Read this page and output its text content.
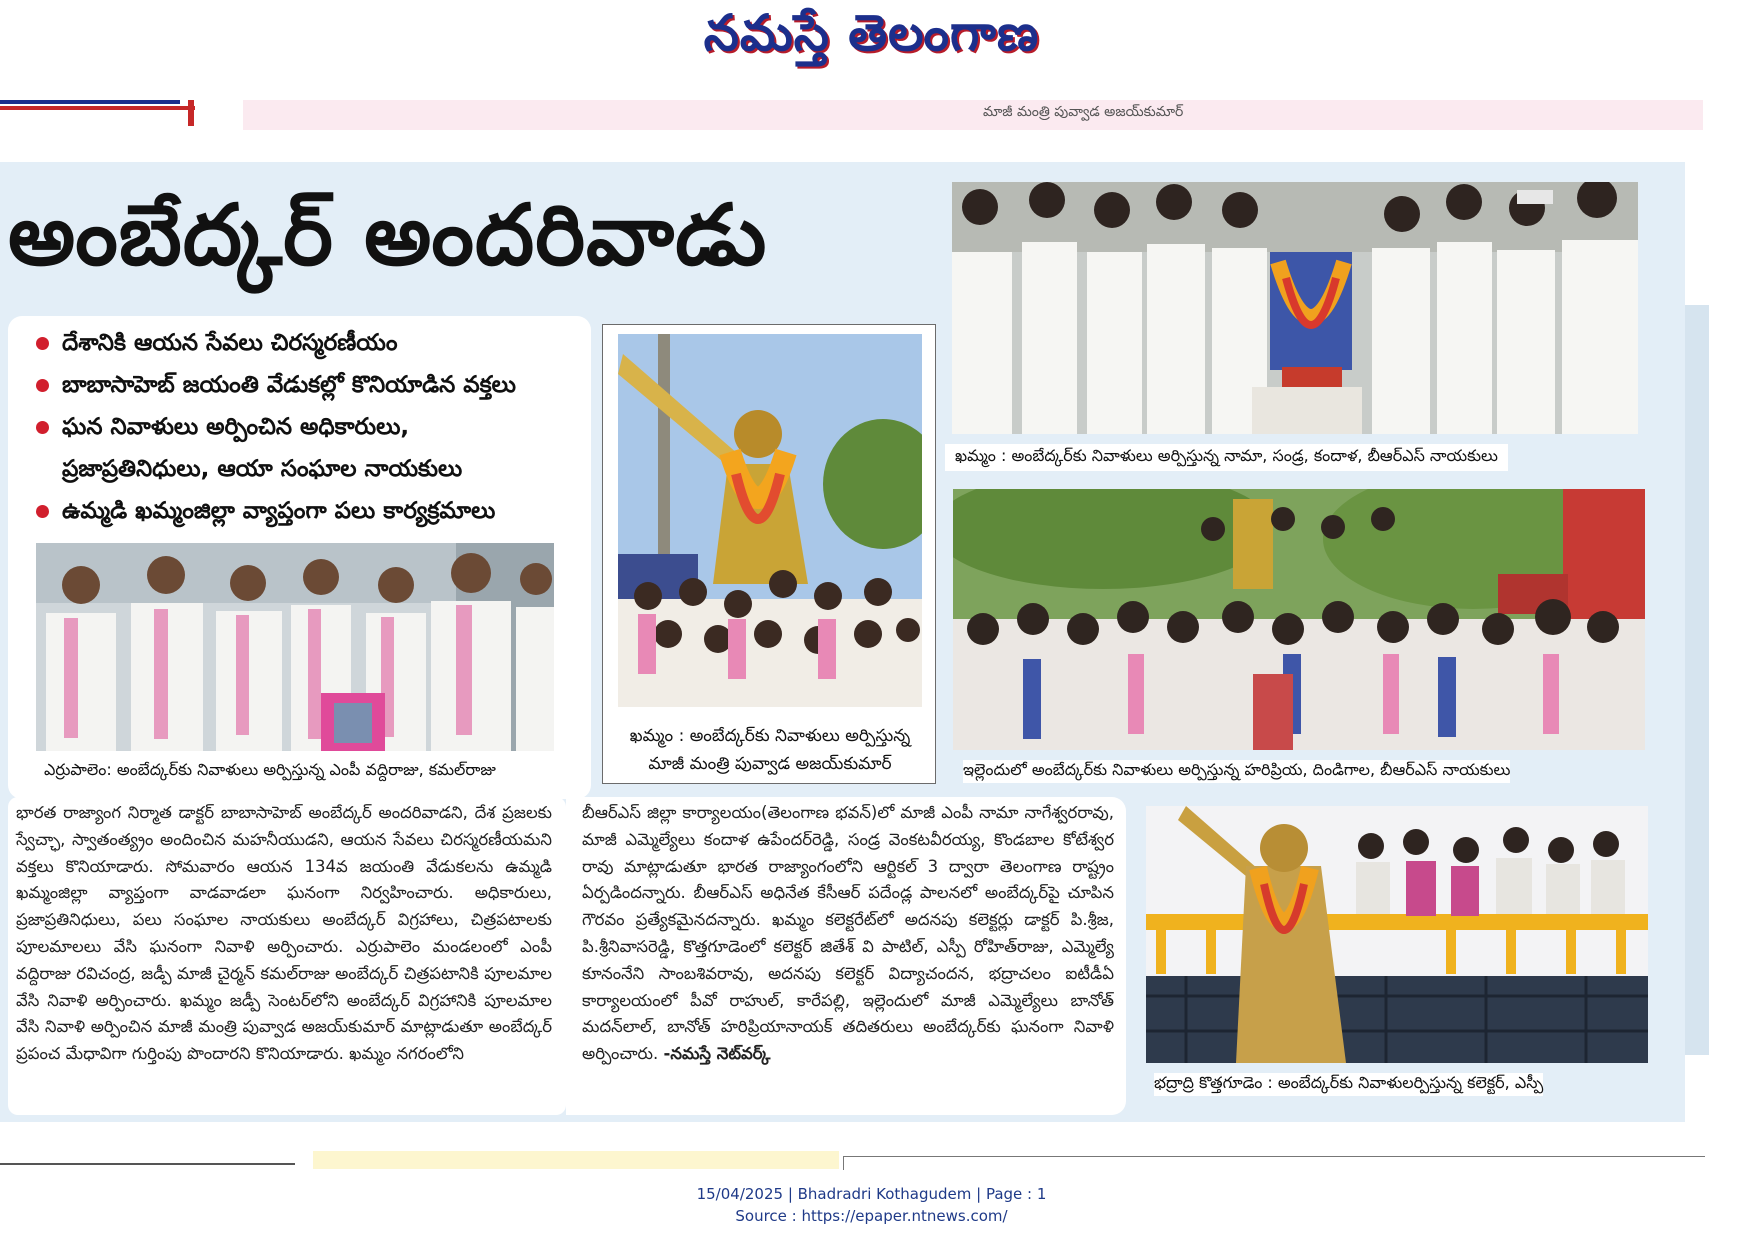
నమస్తే తెలంగాణ
మాజీ మంత్రి పువ్వాడ అజయ్‌కుమార్
అంబేద్కర్ అందరివాడు
దేశానికి ఆయన సేవలు చిరస్మరణీయం
బాబాసాహెబ్ జయంతి వేడుకల్లో కొనియాడిన వక్తలు
ఘన నివాళులు అర్పించిన అధికారులు,
ప్రజాప్రతినిధులు, ఆయా సంఘాల నాయకులు
ఉమ్మడి ఖమ్మంజిల్లా వ్యాప్తంగా పలు కార్యక్రమాలు
ఎర్రుపాలెం: అంబేద్కర్‌కు నివాళులు అర్పిస్తున్న ఎంపీ వద్దిరాజు, కమల్‌రాజు
ఖమ్మం : అంబేద్కర్‌కు నివాళులు అర్పిస్తున్న
మాజీ మంత్రి పువ్వాడ అజయ్‌కుమార్
ఖమ్మం : అంబేద్కర్‌కు నివాళులు అర్పిస్తున్న నామా, సండ్ర, కందాళ, బీఆర్ఎస్ నాయకులు
ఇల్లెందులో అంబేద్కర్‌కు నివాళులు అర్పిస్తున్న హరిప్రియ, దిండిగాల, బీఆర్ఎస్ నాయకులు

భారత రాజ్యాంగ నిర్మాత డాక్టర్ బాబాసాహెబ్ అంబేద్కర్ అందరివాడని, దేశ ప్రజలకు స్వేచ్ఛా, స్వాతంత్య్రం అందించిన మహనీయుడని, ఆయన సేవలు చిరస్మరణీయమని వక్తలు కొనియాడారు. సోమవారం ఆయన 134వ జయంతి వేడుకలను ఉమ్మడి ఖమ్మంజిల్లా వ్యాప్తంగా వాడవాడలా ఘనంగా నిర్వహించారు. అధికారులు, ప్రజాప్రతినిధులు, పలు సంఘాల నాయకులు అంబేద్కర్ విగ్రహాలు, చిత్రపటాలకు పూలమాలలు వేసి ఘనంగా నివాళి అర్పించారు. ఎర్రుపాలెం మండలంలో ఎంపీ వద్దిరాజు రవిచంద్ర, జడ్పీ మాజీ చైర్మన్ కమల్‌రాజు అంబేద్కర్ చిత్రపటానికి పూలమాల వేసి నివాళి అర్పించారు. ఖమ్మం జడ్పీ సెంటర్‌లోని అంబేద్కర్ విగ్రహానికి పూలమాల వేసి నివాళి అర్పించిన మాజీ మంత్రి పువ్వాడ అజయ్‌కుమార్ మాట్లాడుతూ అంబేద్కర్ ప్రపంచ మేధావిగా గుర్తింపు పొందారని కొనియాడారు. ఖమ్మం నగరంలోని

బీఆర్ఎస్ జిల్లా కార్యాలయం(తెలంగాణ భవన్)లో మాజీ ఎంపీ నామా నాగేశ్వరరావు, మాజీ ఎమ్మెల్యేలు కందాళ ఉపేందర్‌రెడ్డి, సండ్ర వెంకటవీరయ్య, కొండబాల కోటేశ్వర రావు మాట్లాడుతూ భారత రాజ్యాంగంలోని ఆర్టికల్ 3 ద్వారా తెలంగాణ రాష్ట్రం ఏర్పడిందన్నారు. బీఆర్ఎస్ అధినేత కేసీఆర్ పదేండ్ల పాలనలో అంబేద్కర్‌పై చూపిన గౌరవం ప్రత్యేకమైనదన్నారు. ఖమ్మం కలెక్టరేట్‌లో అదనపు కలెక్టర్లు డాక్టర్ పి.శ్రీజ, పి.శ్రీనివాసరెడ్డి, కొత్తగూడెంలో కలెక్టర్ జితేశ్ వి పాటిల్, ఎస్పీ రోహిత్‌రాజు, ఎమ్మెల్యే కూనంనేని సాంబశివరావు, అదనపు కలెక్టర్ విద్యాచందన, భద్రాచలం ఐటీడీఏ కార్యాలయంలో పీవో రాహుల్, కారేపల్లి, ఇల్లెందులో మాజీ ఎమ్మెల్యేలు బానోత్ మదన్‌లాల్, బానోత్ హరిప్రియానాయక్ తదితరులు అంబేద్కర్‌కు ఘనంగా నివాళి అర్పించారు. -నమస్తే నెట్‌వర్క్

భద్రాద్రి కొత్తగూడెం : అంబేద్కర్‌కు నివాళులర్పిస్తున్న కలెక్టర్, ఎస్పీ
15/04/2025 | Bhadradri Kothagudem | Page : 1
Source : https://epaper.ntnews.com/
